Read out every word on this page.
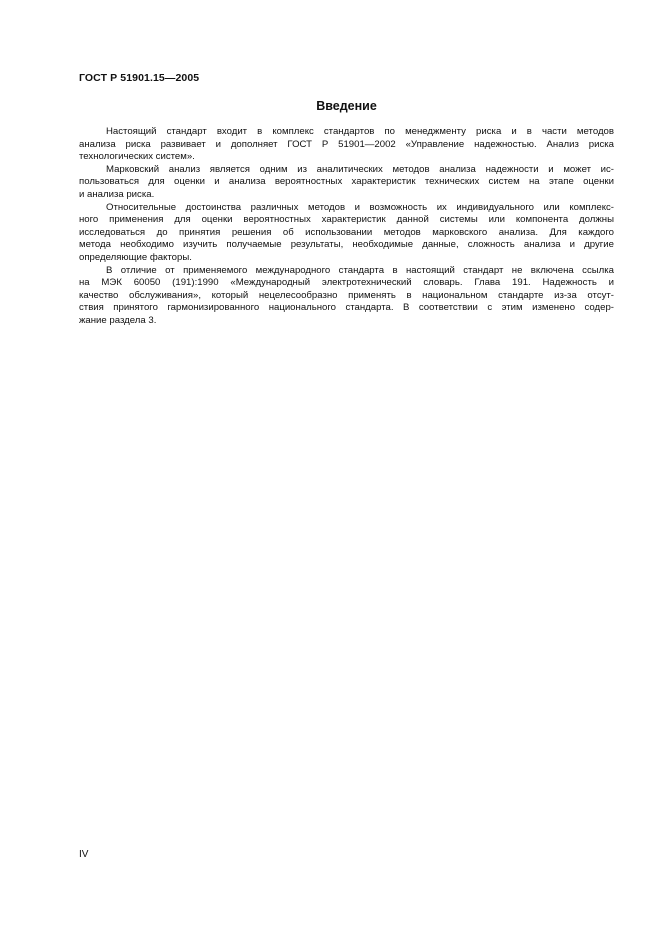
ГОСТ Р 51901.15—2005
Введение

Настоящий стандарт входит в комплекс стандартов по менеджменту риска и в части методов
анализа риска развивает и дополняет ГОСТ Р 51901—2002 «Управление надежностью. Анализ риска
технологических систем».

Марковский анализ является одним из аналитических методов анализа надежности и может ис-
пользоваться для оценки и анализа вероятностных характеристик технических систем на этапе оценки
и анализа риска.

Относительные достоинства различных методов и возможность их индивидуального или комплекс-
ного применения для оценки вероятностных характеристик данной системы или компонента должны
исследоваться до принятия решения об использовании методов марковского анализа. Для каждого
метода необходимо изучить получаемые результаты, необходимые данные, сложность анализа и другие
определяющие факторы.

В отличие от применяемого международного стандарта в настоящий стандарт не включена ссылка
на МЭК 60050 (191):1990 «Международный электротехнический словарь. Глава 191. Надежность и
качество обслуживания», который нецелесообразно применять в национальном стандарте из-за отсут-
ствия принятого гармонизированного национального стандарта. В соответствии с этим изменено содер-
жание раздела 3.

IV
